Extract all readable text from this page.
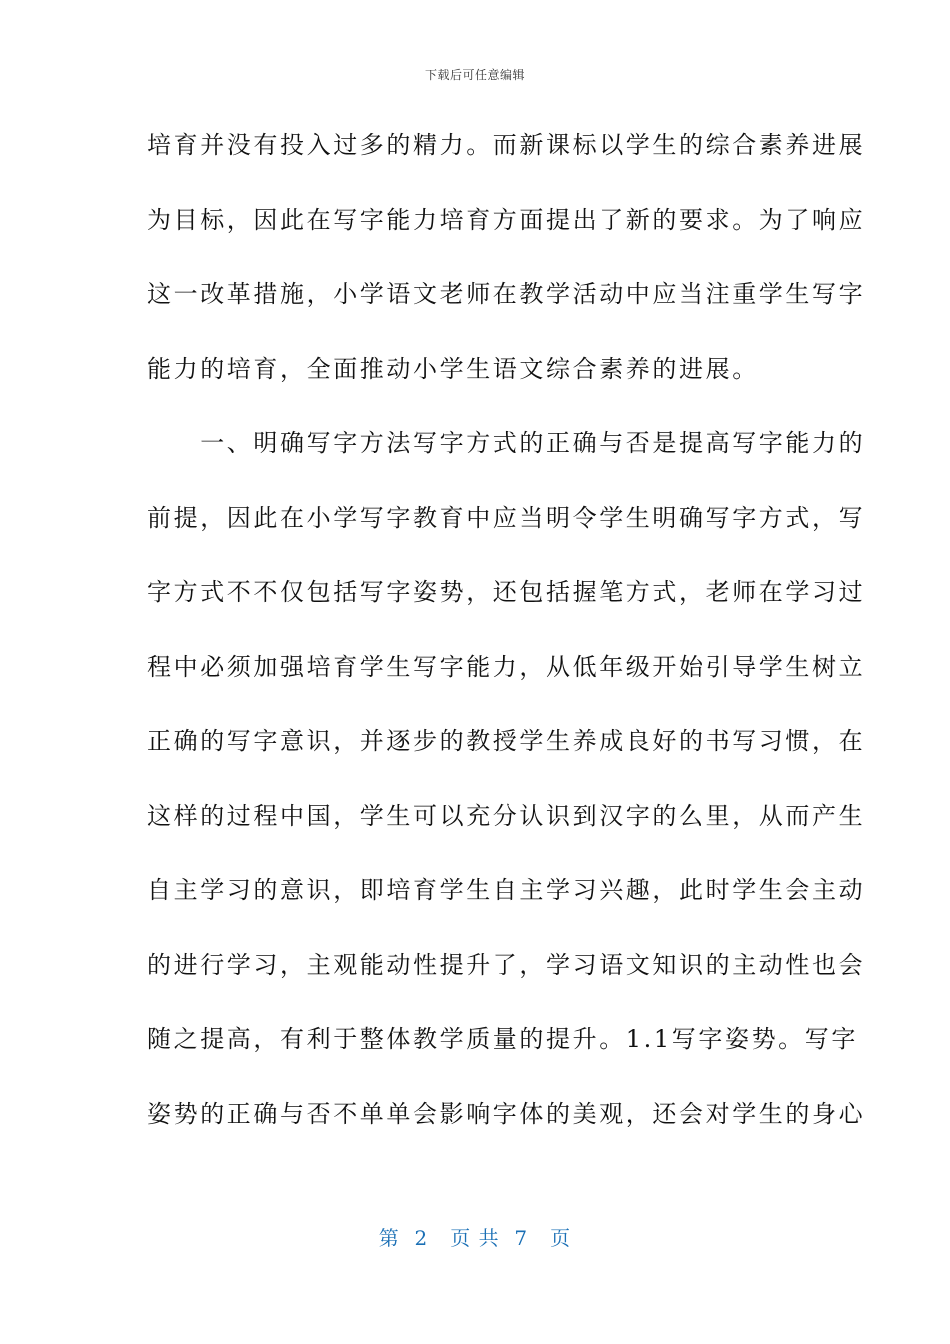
下载后可任意编辑
培育并没有投入过多的精力。而新课标以学生的综合素养进展
为目标，因此在写字能力培育方面提出了新的要求。为了响应
这一改革措施，小学语文老师在教学活动中应当注重学生写字
能力的培育，全面推动小学生语文综合素养的进展。
　　一、明确写字方法写字方式的正确与否是提高写字能力的
前提，因此在小学写字教育中应当明令学生明确写字方式，写
字方式不不仅包括写字姿势，还包括握笔方式，老师在学习过
程中必须加强培育学生写字能力，从低年级开始引导学生树立
正确的写字意识，并逐步的教授学生养成良好的书写习惯，在
这样的过程中国，学生可以充分认识到汉字的么里，从而产生
自主学习的意识，即培育学生自主学习兴趣，此时学生会主动
的进行学习，主观能动性提升了，学习语文知识的主动性也会
随之提高，有利于整体教学质量的提升。1.1写字姿势。写字
姿势的正确与否不单单会影响字体的美观，还会对学生的身心
第  2   页 共  7   页
